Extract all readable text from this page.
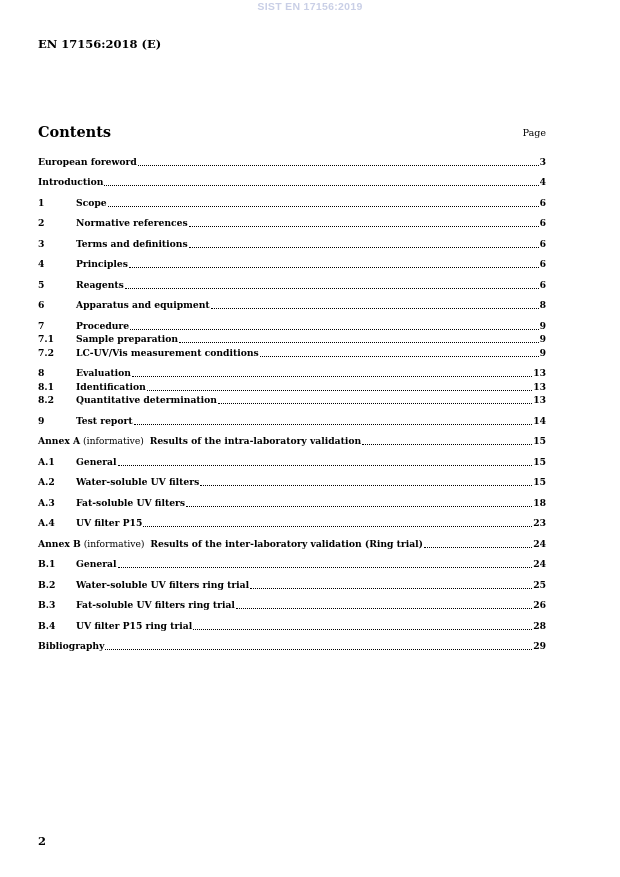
SIST EN 17156:2019
EN 17156:2018 (E)
Contents	Page
European foreword	3
Introduction	4
1	Scope	6
2	Normative references	6
3	Terms and definitions	6
4	Principles	6
5	Reagents	6
6	Apparatus and equipment	8
7	Procedure	9
7.1	Sample preparation	9
7.2	LC-UV/Vis measurement conditions	9
8	Evaluation	13
8.1	Identification	13
8.2	Quantitative determination	13
9	Test report	14
Annex A (informative)  Results of the intra-laboratory validation	15
A.1	General	15
A.2	Water-soluble UV filters	15
A.3	Fat-soluble UV filters	18
A.4	UV filter P15	23
Annex B (informative)  Results of the inter-laboratory validation (Ring trial)	24
B.1	General	24
B.2	Water-soluble UV filters ring trial	25
B.3	Fat-soluble UV filters ring trial	26
B.4	UV filter P15 ring trial	28
Bibliography	29
2
